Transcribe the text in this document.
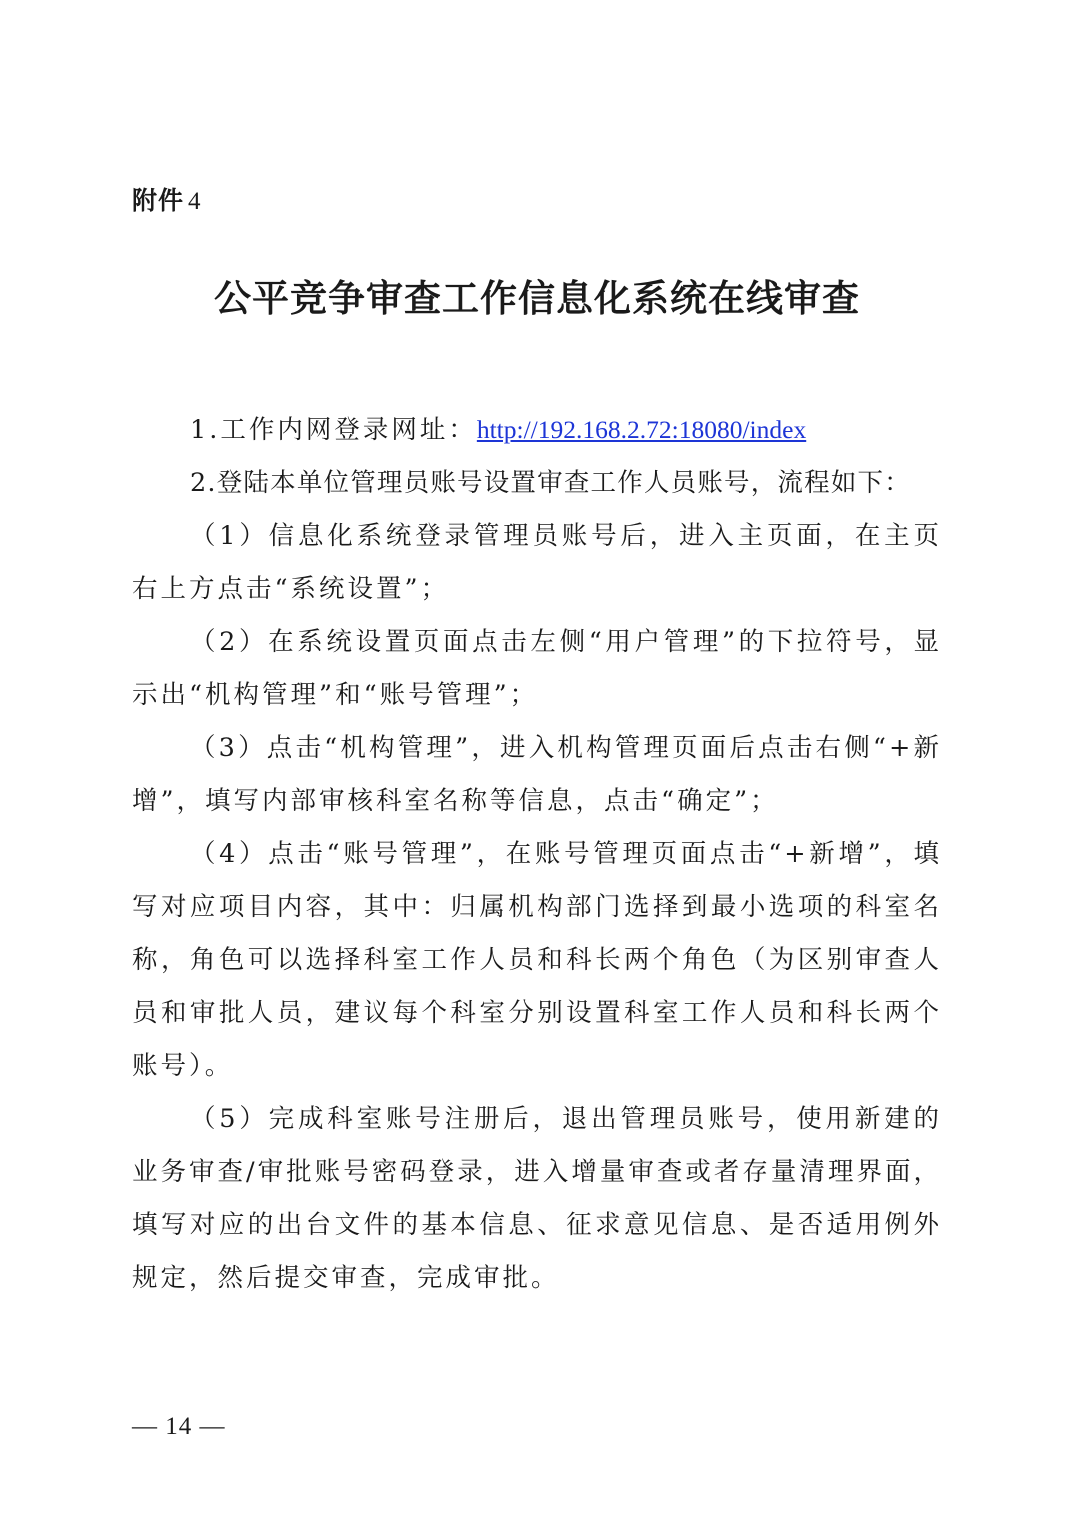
附件 4
公平竞争审查工作信息化系统在线审查

1.工作内网登录网址：http://192.168.2.72:18080/index

2.登陆本单位管理员账号设置审查工作人员账号，流程如下：

（1）信息化系统登录管理员账号后，进入主页面，在主页右上方点击“系统设置”；

（2）在系统设置页面点击左侧“用户管理”的下拉符号，显示出“机构管理”和“账号管理”；

（3）点击“机构管理”，进入机构管理页面后点击右侧“+新增”，填写内部审核科室名称等信息，点击“确定”；

（4）点击“账号管理”，在账号管理页面点击“+新增”，填写对应项目内容，其中：归属机构部门选择到最小选项的科室名称，角色可以选择科室工作人员和科长两个角色（为区别审查人员和审批人员，建议每个科室分别设置科室工作人员和科长两个账号）。

（5）完成科室账号注册后，退出管理员账号，使用新建的业务审查/审批账号密码登录，进入增量审查或者存量清理界面，填写对应的出台文件的基本信息、征求意见信息、是否适用例外规定，然后提交审查，完成审批。

— 14 —
